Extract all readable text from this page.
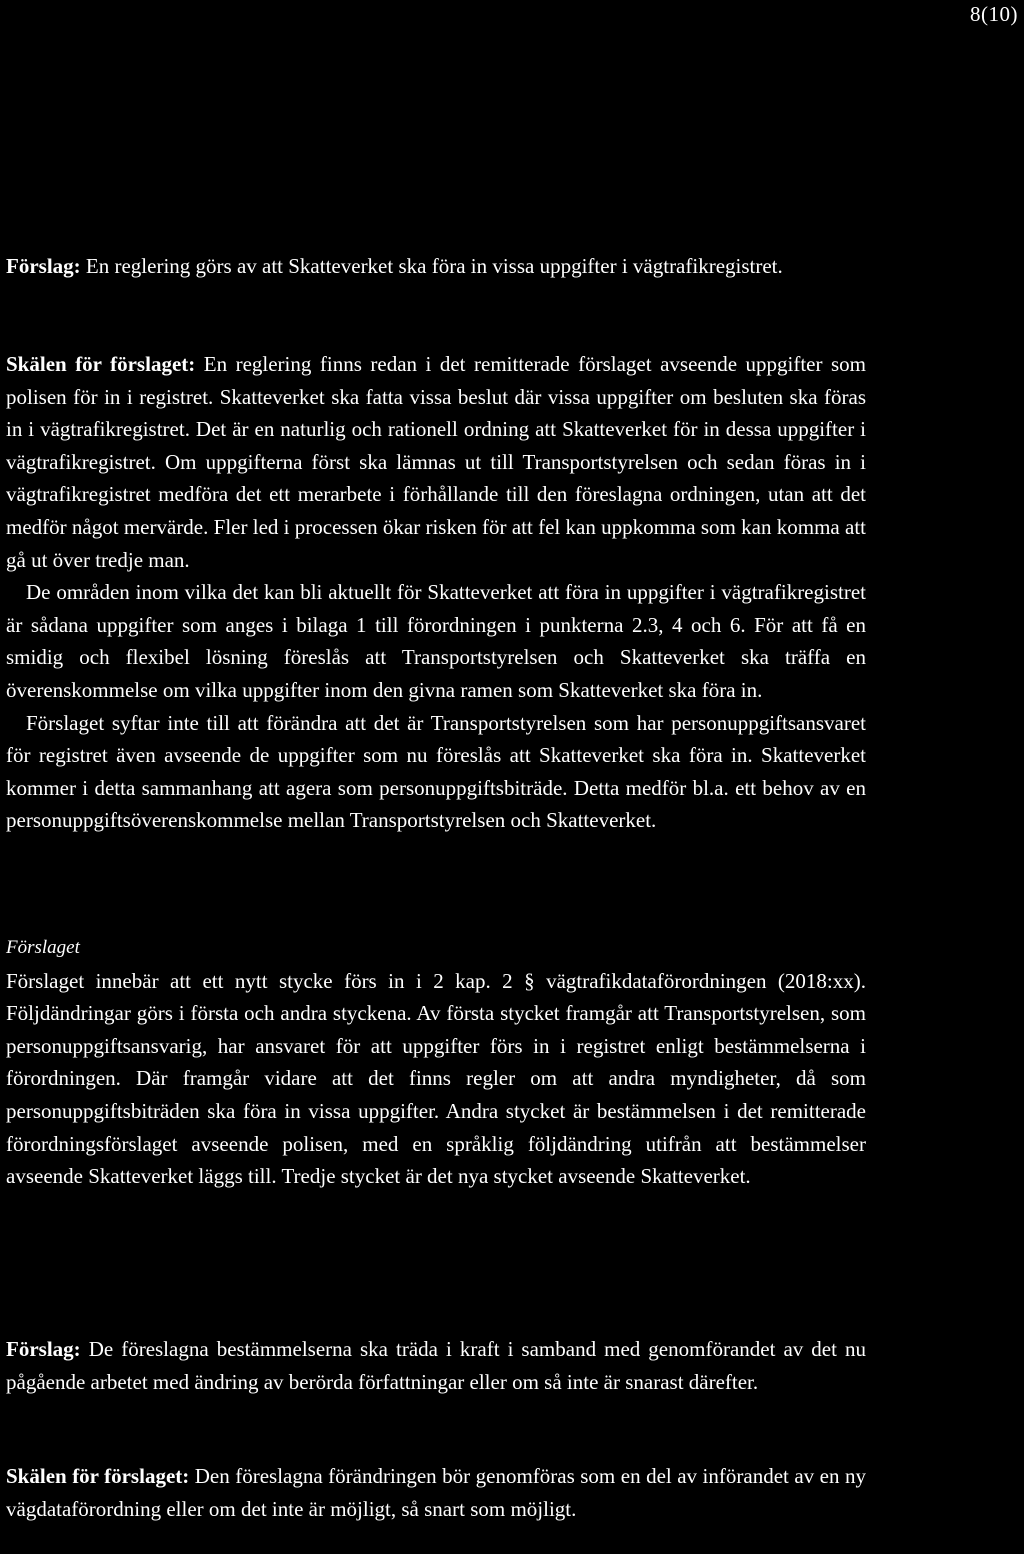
8(10)

Förslag: En reglering görs av att Skatteverket ska föra in vissa uppgifter i vägtrafikregistret.

Skälen för förslaget: En reglering finns redan i det remitterade förslaget avseende uppgifter som polisen för in i registret. Skatteverket ska fatta vissa beslut där vissa uppgifter om besluten ska föras in i vägtrafikregistret. Det är en naturlig och rationell ordning att Skatteverket för in dessa uppgifter i vägtrafikregistret. Om uppgifterna först ska lämnas ut till Transportstyrelsen och sedan föras in i vägtrafikregistret medföra det ett merarbete i förhållande till den föreslagna ordningen, utan att det medför något mervärde. Fler led i processen ökar risken för att fel kan uppkomma som kan komma att gå ut över tredje man.

De områden inom vilka det kan bli aktuellt för Skatteverket att föra in uppgifter i vägtrafikregistret är sådana uppgifter som anges i bilaga 1 till förordningen i punkterna 2.3, 4 och 6. För att få en smidig och flexibel lösning föreslås att Transportstyrelsen och Skatteverket ska träffa en överenskommelse om vilka uppgifter inom den givna ramen som Skatteverket ska föra in.

Förslaget syftar inte till att förändra att det är Transportstyrelsen som har personuppgiftsansvaret för registret även avseende de uppgifter som nu föreslås att Skatteverket ska föra in. Skatteverket kommer i detta sammanhang att agera som personuppgiftsbiträde. Detta medför bl.a. ett behov av en personuppgiftsöverenskommelse mellan Transportstyrelsen och Skatteverket.

Förslaget

Förslaget innebär att ett nytt stycke förs in i 2 kap. 2 § vägtrafikdataförordningen (2018:xx). Följdändringar görs i första och andra styckena. Av första stycket framgår att Transportstyrelsen, som personuppgiftsansvarig, har ansvaret för att uppgifter förs in i registret enligt bestämmelserna i förordningen. Där framgår vidare att det finns regler om att andra myndigheter, då som personuppgiftsbiträden ska föra in vissa uppgifter. Andra stycket är bestämmelsen i det remitterade förordningsförslaget avseende polisen, med en språklig följdändring utifrån att bestämmelser avseende Skatteverket läggs till. Tredje stycket är det nya stycket avseende Skatteverket.

Förslag: De föreslagna bestämmelserna ska träda i kraft i samband med genomförandet av det nu pågående arbetet med ändring av berörda författningar eller om så inte är snarast därefter.

Skälen för förslaget: Den föreslagna förändringen bör genomföras som en del av införandet av en ny vägdataförordning eller om det inte är möjligt, så snart som möjligt.
